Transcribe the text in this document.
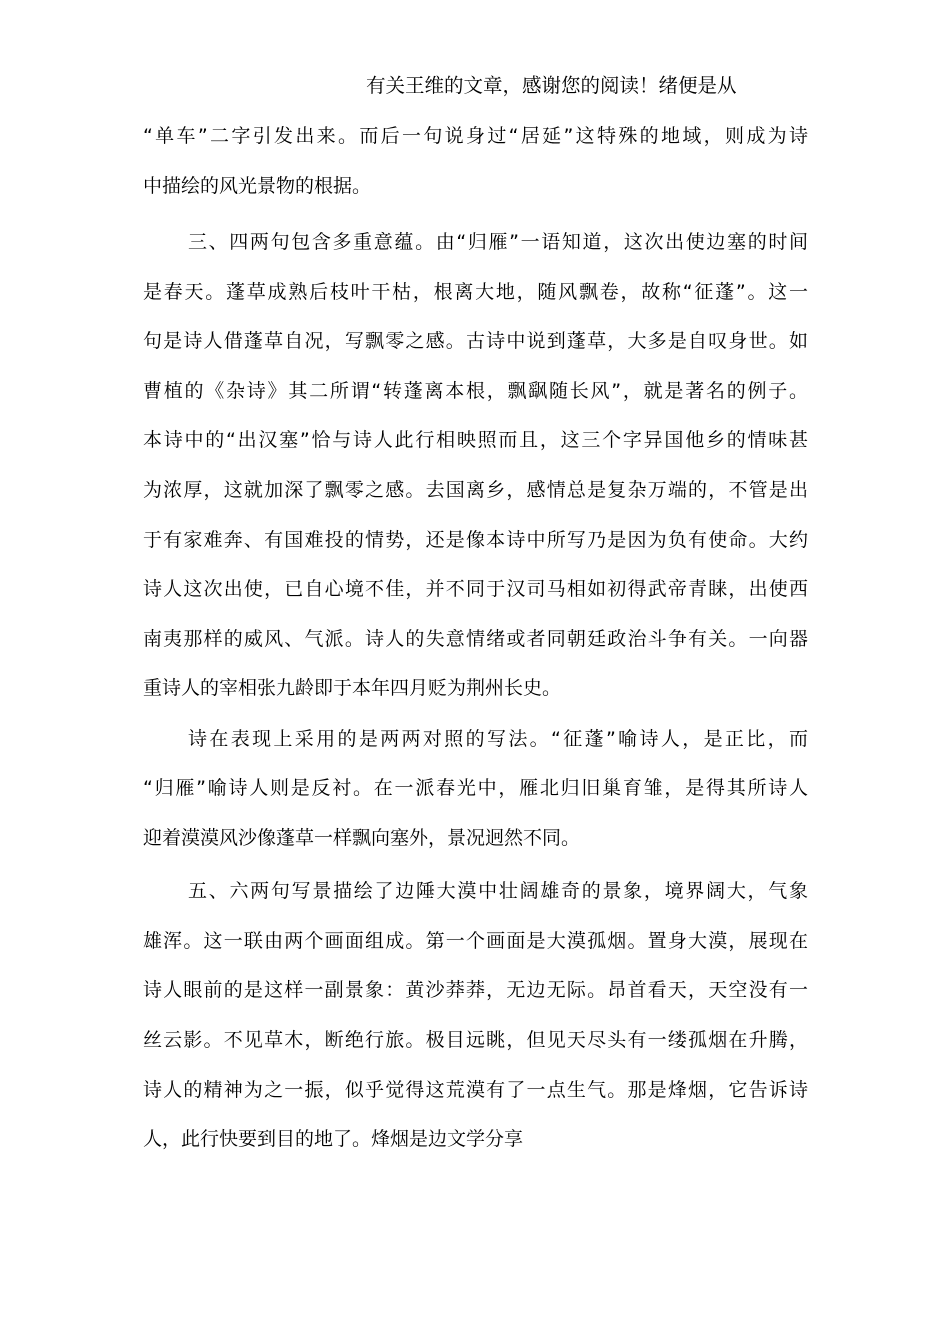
有关王维的文章，感谢您的阅读！绪便是从
“单车”二字引发出来。而后一句说身过“居延”这特殊的地域，则成为诗
中描绘的风光景物的根据。
三、四两句包含多重意蕴。由“归雁”一语知道，这次出使边塞的时间
是春天。蓬草成熟后枝叶干枯，根离大地，随风飘卷，故称“征蓬”。这一
句是诗人借蓬草自况，写飘零之感。古诗中说到蓬草，大多是自叹身世。如
曹植的《杂诗》其二所谓“转蓬离本根，飘飖随长风”，就是著名的例子。
本诗中的“出汉塞”恰与诗人此行相映照而且，这三个字异国他乡的情味甚
为浓厚，这就加深了飘零之感。去国离乡，感情总是复杂万端的，不管是出
于有家难奔、有国难投的情势，还是像本诗中所写乃是因为负有使命。大约
诗人这次出使，已自心境不佳，并不同于汉司马相如初得武帝青睐，出使西
南夷那样的威风、气派。诗人的失意情绪或者同朝廷政治斗争有关。一向器
重诗人的宰相张九龄即于本年四月贬为荆州长史。
诗在表现上采用的是两两对照的写法。“征蓬”喻诗人，是正比，而
“归雁”喻诗人则是反衬。在一派春光中，雁北归旧巢育雏，是得其所诗人
迎着漠漠风沙像蓬草一样飘向塞外，景况迥然不同。
五、六两句写景描绘了边陲大漠中壮阔雄奇的景象，境界阔大，气象
雄浑。这一联由两个画面组成。第一个画面是大漠孤烟。置身大漠，展现在
诗人眼前的是这样一副景象：黄沙莽莽，无边无际。昂首看天，天空没有一
丝云影。不见草木，断绝行旅。极目远眺，但见天尽头有一缕孤烟在升腾，
诗人的精神为之一振，似乎觉得这荒漠有了一点生气。那是烽烟，它告诉诗
人，此行快要到目的地了。烽烟是边文学分享
